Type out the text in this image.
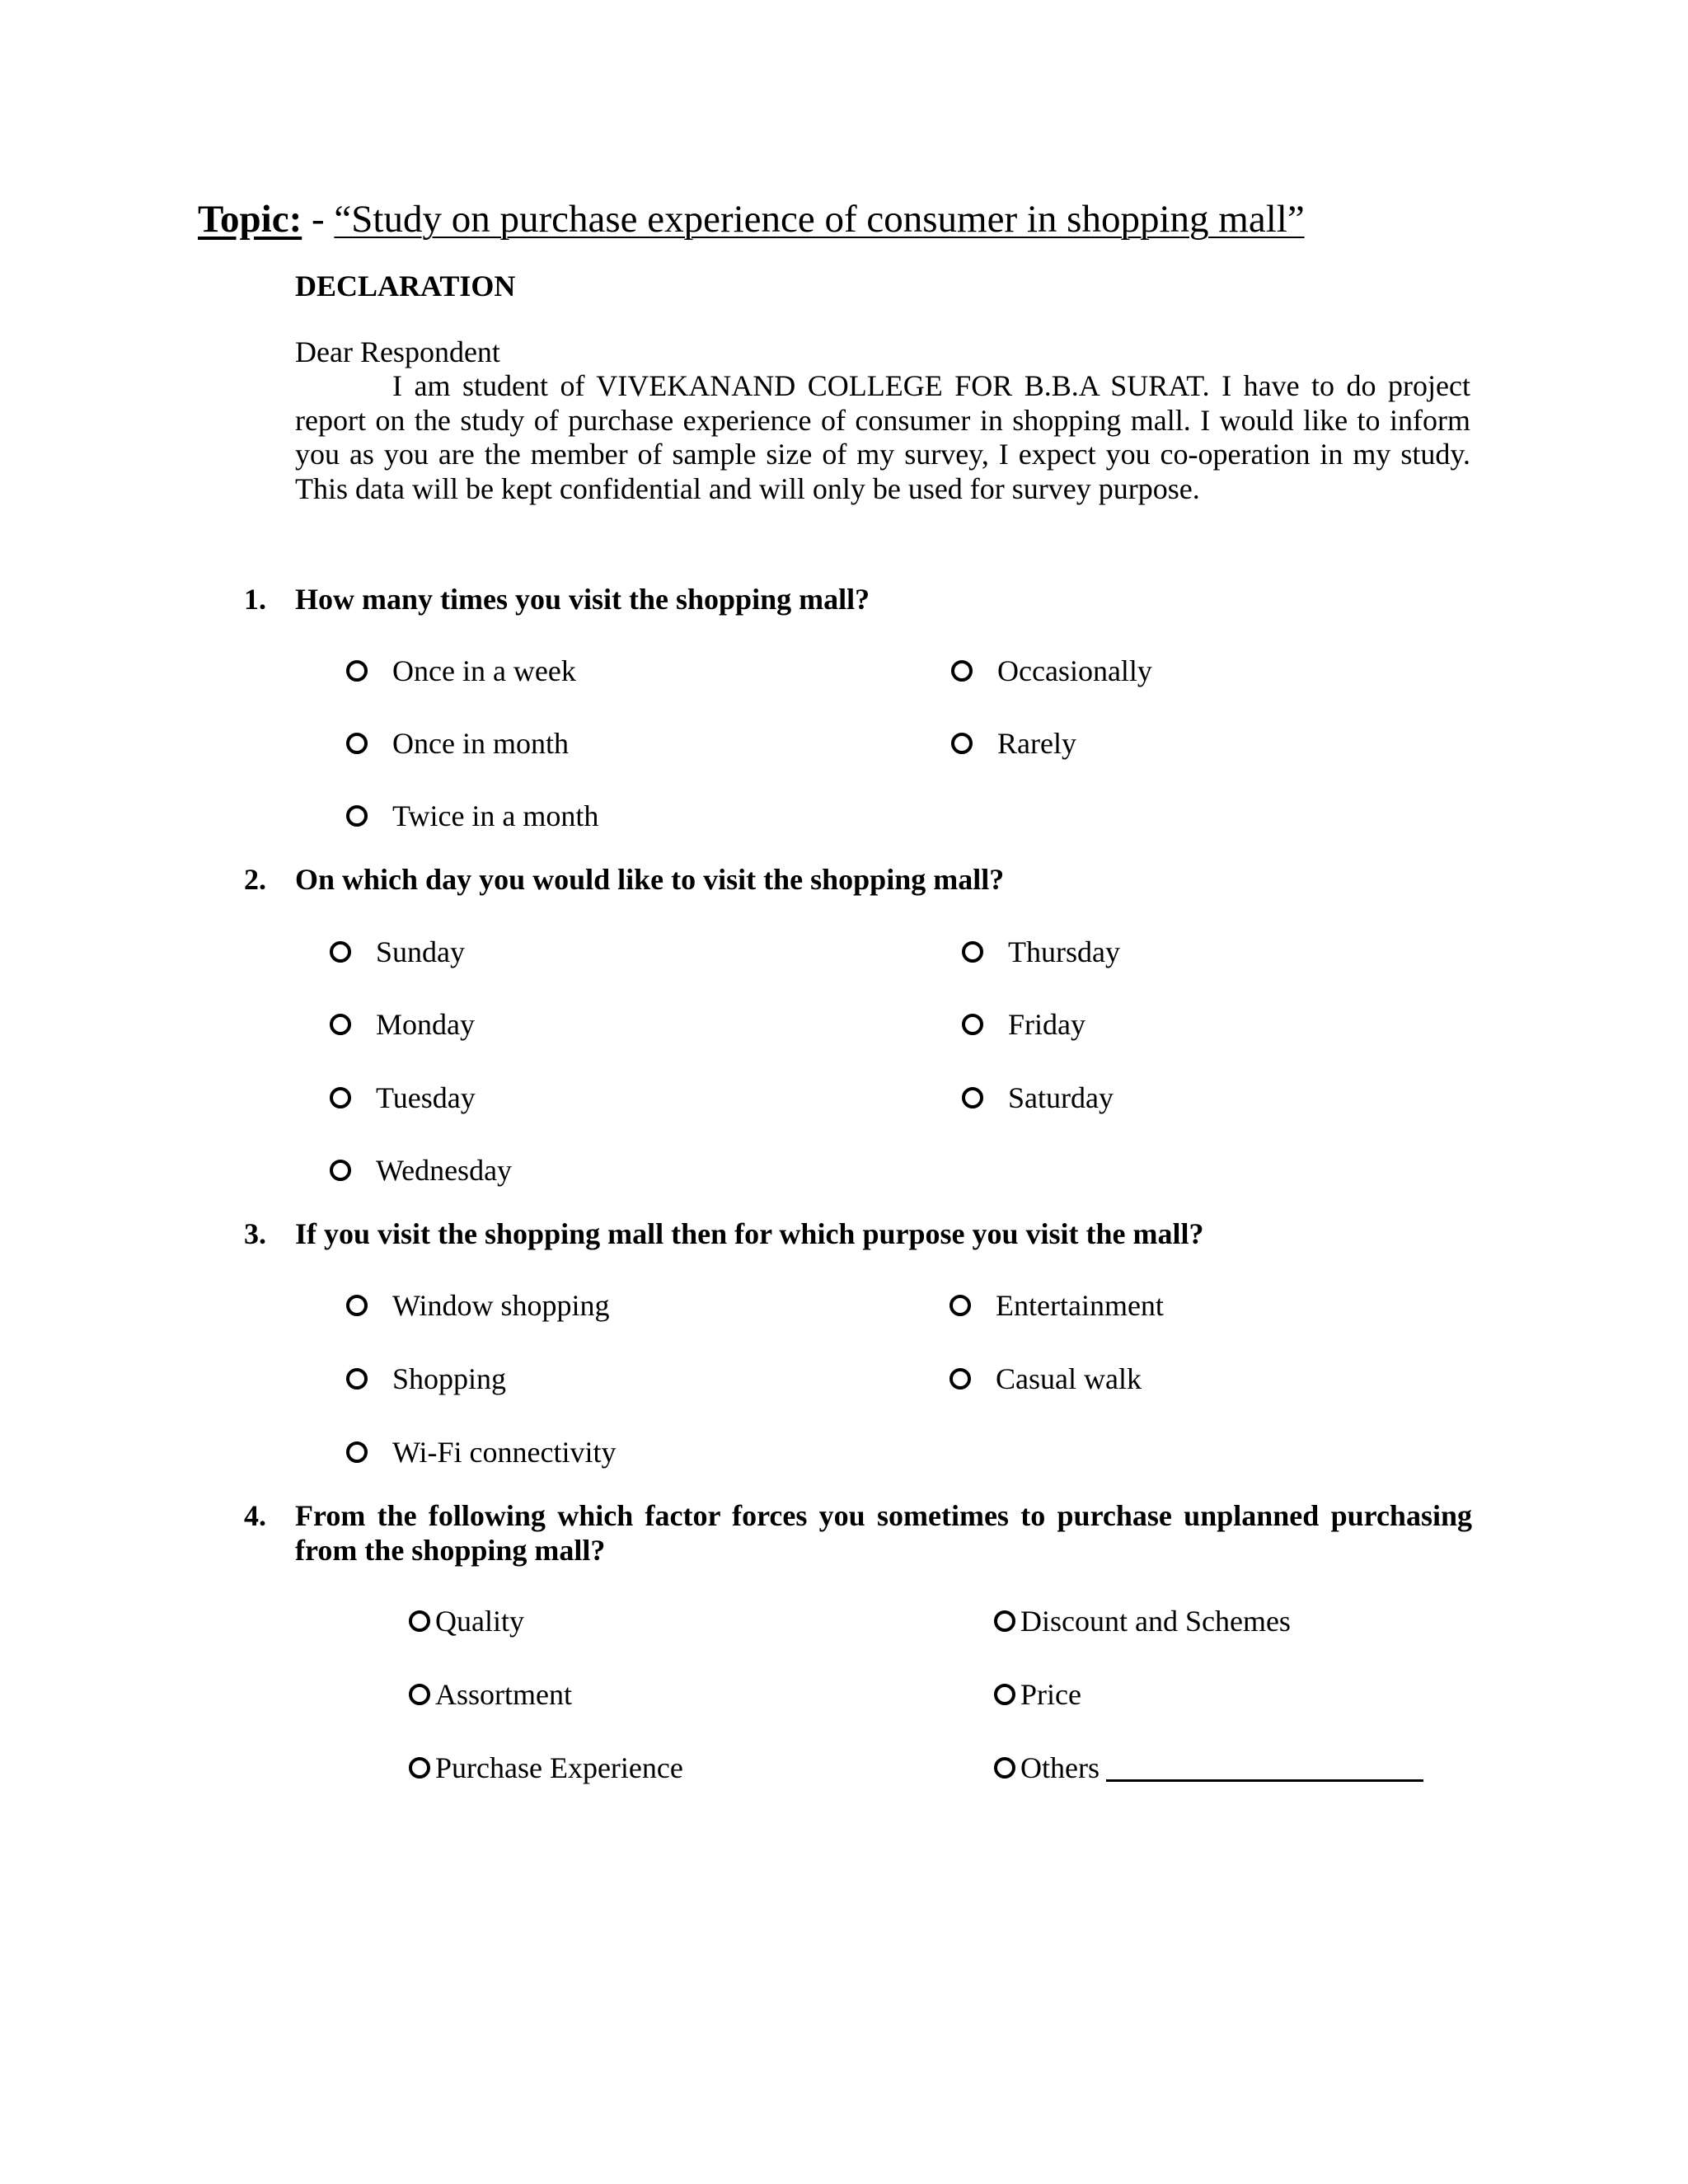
Topic: - “Study on purchase experience of consumer in shopping mall”
DECLARATION
Dear Respondent

I am student of VIVEKANAND COLLEGE FOR B.B.A SURAT. I have to do project report on the study of purchase experience of consumer in shopping mall. I would like to inform you as you are the member of sample size of my survey, I expect you co-operation in my study. This data will be kept confidential and will only be used for survey purpose.

1. How many times you visit the shopping mall?
Once in a week
Once in month
Twice in a month
Occasionally
Rarely
2. On which day you would like to visit the shopping mall?
Sunday
Monday
Tuesday
Wednesday
Thursday
Friday
Saturday
3. If you visit the shopping mall then for which purpose you visit the mall?
Window shopping
Shopping
Wi-Fi connectivity
Entertainment
Casual walk
4. From the following which factor forces you sometimes to purchase unplanned purchasing from the shopping mall?
Quality
Assortment
Purchase Experience
Discount and Schemes
Price
Others
